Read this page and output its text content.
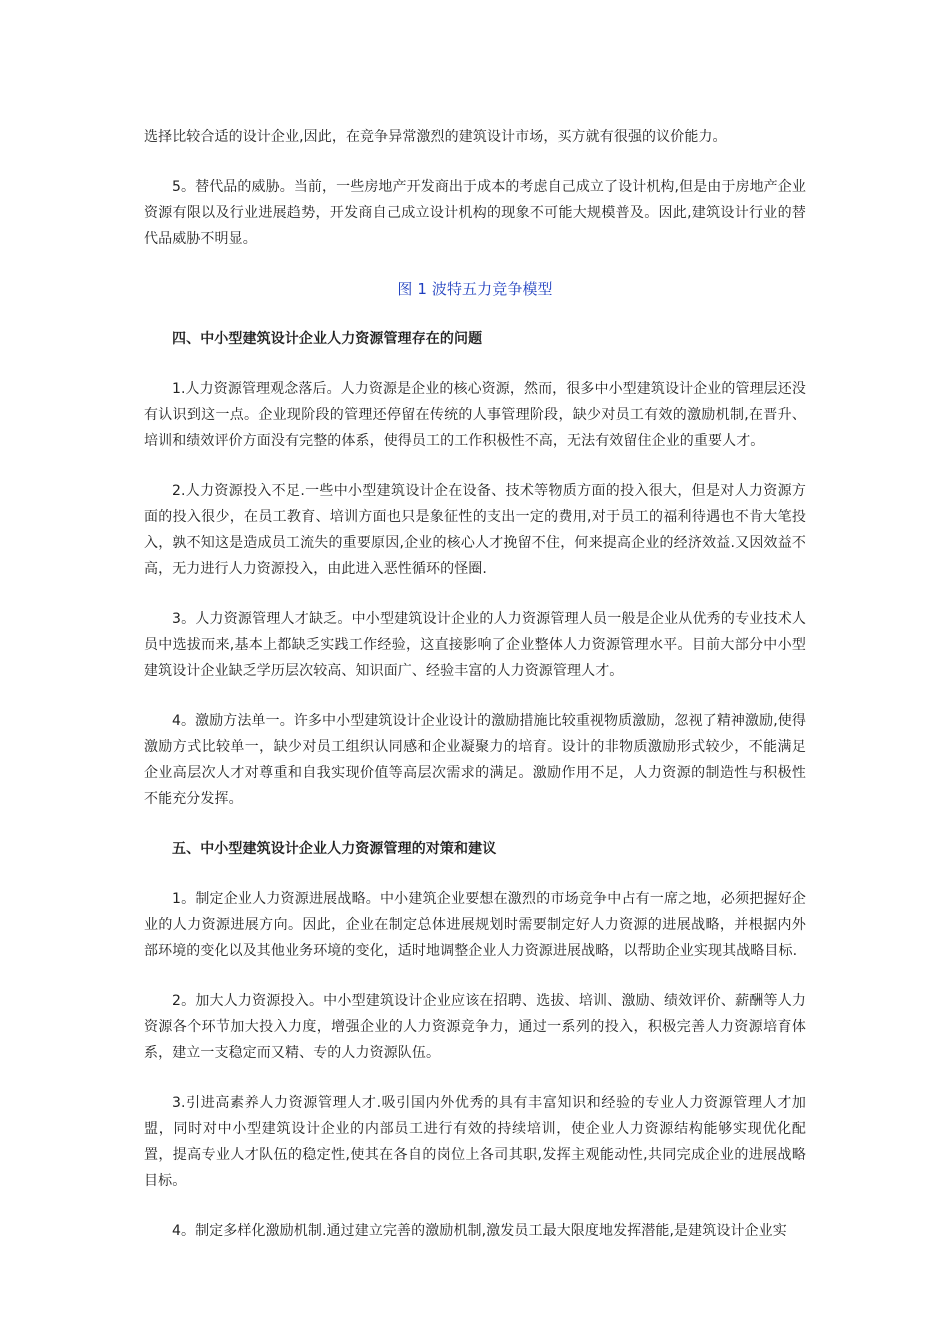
选择比较合适的设计企业,因此，在竞争异常激烈的建筑设计市场，买方就有很强的议价能力。

5。替代品的威胁。当前，一些房地产开发商出于成本的考虑自己成立了设计机构,但是由于房地产企业资源有限以及行业进展趋势，开发商自己成立设计机构的现象不可能大规模普及。因此,建筑设计行业的替代品威胁不明显。

图 1 波特五力竞争模型

四、中小型建筑设计企业人力资源管理存在的问题

1.人力资源管理观念落后。人力资源是企业的核心资源，然而，很多中小型建筑设计企业的管理层还没有认识到这一点。企业现阶段的管理还停留在传统的人事管理阶段，缺少对员工有效的激励机制,在晋升、培训和绩效评价方面没有完整的体系，使得员工的工作积极性不高，无法有效留住企业的重要人才。

2.人力资源投入不足.一些中小型建筑设计企在设备、技术等物质方面的投入很大，但是对人力资源方面的投入很少，在员工教育、培训方面也只是象征性的支出一定的费用,对于员工的福利待遇也不肯大笔投入，孰不知这是造成员工流失的重要原因,企业的核心人才挽留不住，何来提高企业的经济效益.又因效益不高，无力进行人力资源投入，由此进入恶性循环的怪圈.

3。人力资源管理人才缺乏。中小型建筑设计企业的人力资源管理人员一般是企业从优秀的专业技术人员中选拔而来,基本上都缺乏实践工作经验，这直接影响了企业整体人力资源管理水平。目前大部分中小型建筑设计企业缺乏学历层次较高、知识面广、经验丰富的人力资源管理人才。

4。激励方法单一。许多中小型建筑设计企业设计的激励措施比较重视物质激励，忽视了精神激励,使得激励方式比较单一，缺少对员工组织认同感和企业凝聚力的培育。设计的非物质激励形式较少，不能满足企业高层次人才对尊重和自我实现价值等高层次需求的满足。激励作用不足，人力资源的制造性与积极性不能充分发挥。

五、中小型建筑设计企业人力资源管理的对策和建议

1。制定企业人力资源进展战略。中小建筑企业要想在激烈的市场竞争中占有一席之地，必须把握好企业的人力资源进展方向。因此，企业在制定总体进展规划时需要制定好人力资源的进展战略，并根据内外部环境的变化以及其他业务环境的变化，适时地调整企业人力资源进展战略，以帮助企业实现其战略目标.

2。加大人力资源投入。中小型建筑设计企业应该在招聘、选拔、培训、激励、绩效评价、薪酬等人力资源各个环节加大投入力度，增强企业的人力资源竞争力，通过一系列的投入，积极完善人力资源培育体系，建立一支稳定而又精、专的人力资源队伍。

3.引进高素养人力资源管理人才.吸引国内外优秀的具有丰富知识和经验的专业人力资源管理人才加盟，同时对中小型建筑设计企业的内部员工进行有效的持续培训，使企业人力资源结构能够实现优化配置，提高专业人才队伍的稳定性,使其在各自的岗位上各司其职,发挥主观能动性,共同完成企业的进展战略目标。

4。制定多样化激励机制.通过建立完善的激励机制,激发员工最大限度地发挥潜能,是建筑设计企业实
